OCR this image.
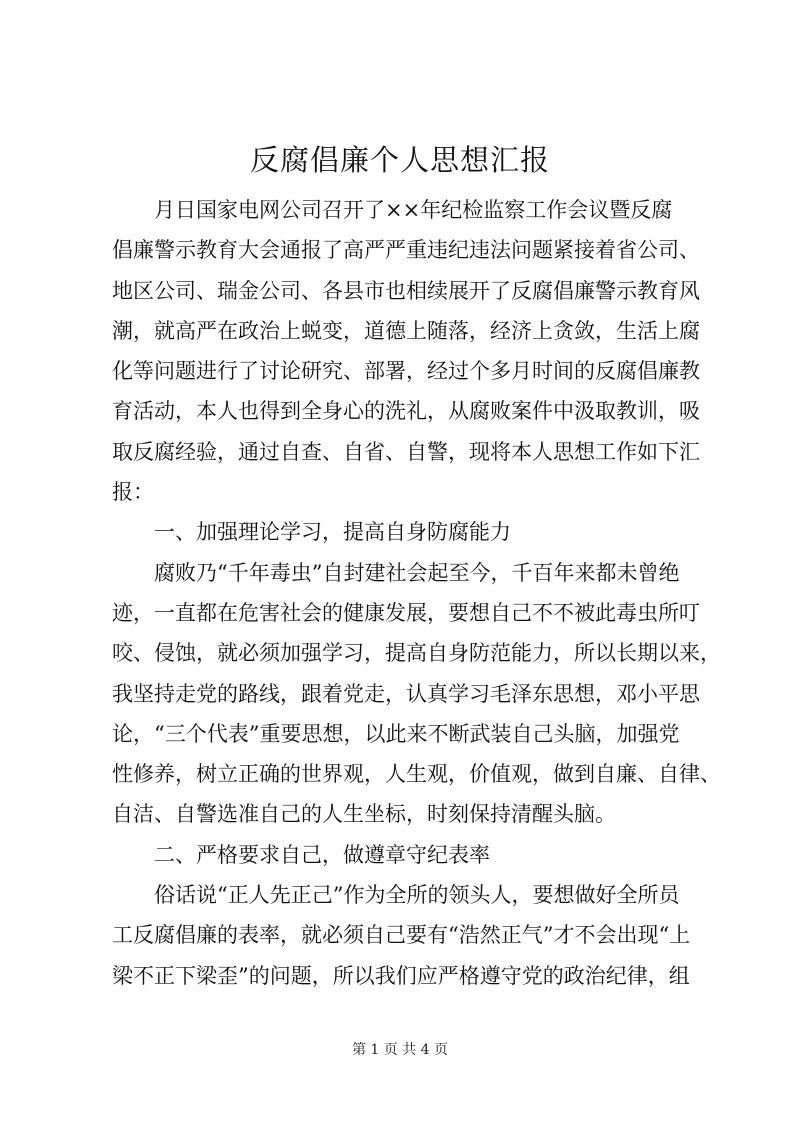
反腐倡廉个人思想汇报
月日国家电网公司召开了××年纪检监察工作会议暨反腐
倡廉警示教育大会通报了高严严重违纪违法问题紧接着省公司、
地区公司、瑞金公司、各县市也相续展开了反腐倡廉警示教育风
潮，就高严在政治上蜕变，道德上随落，经济上贪敛，生活上腐
化等问题进行了讨论研究、部署，经过个多月时间的反腐倡廉教
育活动，本人也得到全身心的洗礼，从腐败案件中汲取教训，吸
取反腐经验，通过自查、自省、自警，现将本人思想工作如下汇
报：
一、加强理论学习，提高自身防腐能力
腐败乃“千年毒虫”自封建社会起至今，千百年来都未曾绝
迹，一直都在危害社会的健康发展，要想自己不不被此毒虫所叮
咬、侵蚀，就必须加强学习，提高自身防范能力，所以长期以来，
我坚持走党的路线，跟着党走，认真学习毛泽东思想，邓小平思
论，“三个代表”重要思想，以此来不断武装自己头脑，加强党
性修养，树立正确的世界观，人生观，价值观，做到自廉、自律、
自洁、自警选准自己的人生坐标，时刻保持清醒头脑。
二、严格要求自己，做遵章守纪表率
俗话说“正人先正己”作为全所的领头人，要想做好全所员
工反腐倡廉的表率，就必须自己要有“浩然正气”才不会出现“上
梁不正下梁歪”的问题，所以我们应严格遵守党的政治纪律，组
第 1 页 共 4 页
